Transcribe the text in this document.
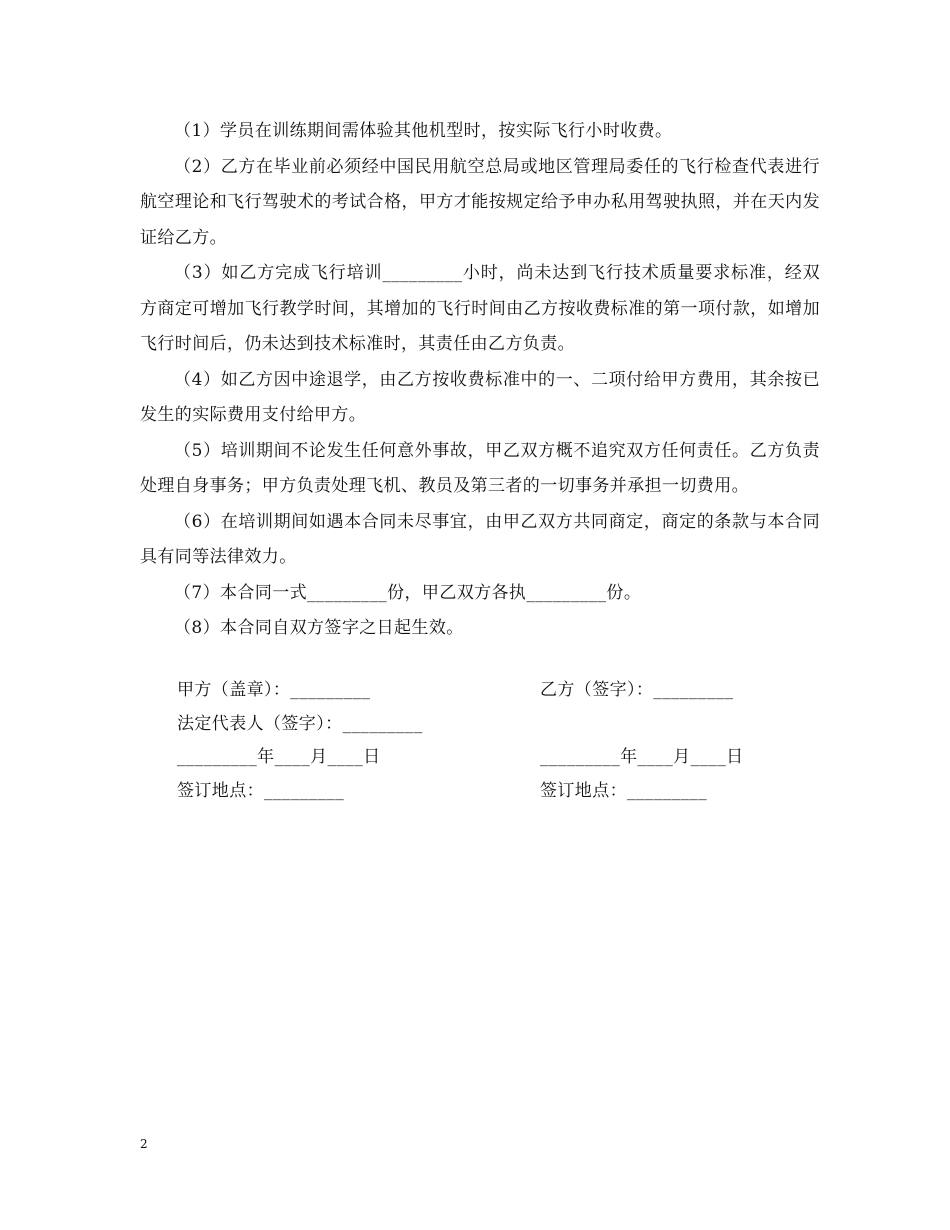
（1）学员在训练期间需体验其他机型时，按实际飞行小时收费。

（2）乙方在毕业前必须经中国民用航空总局或地区管理局委任的飞行检查代表进行航空理论和飞行驾驶术的考试合格，甲方才能按规定给予申办私用驾驶执照，并在天内发证给乙方。

（3）如乙方完成飞行培训_________小时，尚未达到飞行技术质量要求标准，经双方商定可增加飞行教学时间，其增加的飞行时间由乙方按收费标准的第一项付款，如增加飞行时间后，仍未达到技术标准时，其责任由乙方负责。

（4）如乙方因中途退学，由乙方按收费标准中的一、二项付给甲方费用，其余按已发生的实际费用支付给甲方。

（5）培训期间不论发生任何意外事故，甲乙双方概不追究双方任何责任。乙方负责处理自身事务；甲方负责处理飞机、教员及第三者的一切事务并承担一切费用。

（6）在培训期间如遇本合同未尽事宜，由甲乙双方共同商定，商定的条款与本合同具有同等法律效力。

（7）本合同一式_________份，甲乙双方各执_________份。

（8）本合同自双方签字之日起生效。

甲方（盖章）：_________	乙方（签字）：_________
法定代表人（签字）：_________
_________年____月____日	_________年____月____日
签订地点：_________	签订地点：_________
2
